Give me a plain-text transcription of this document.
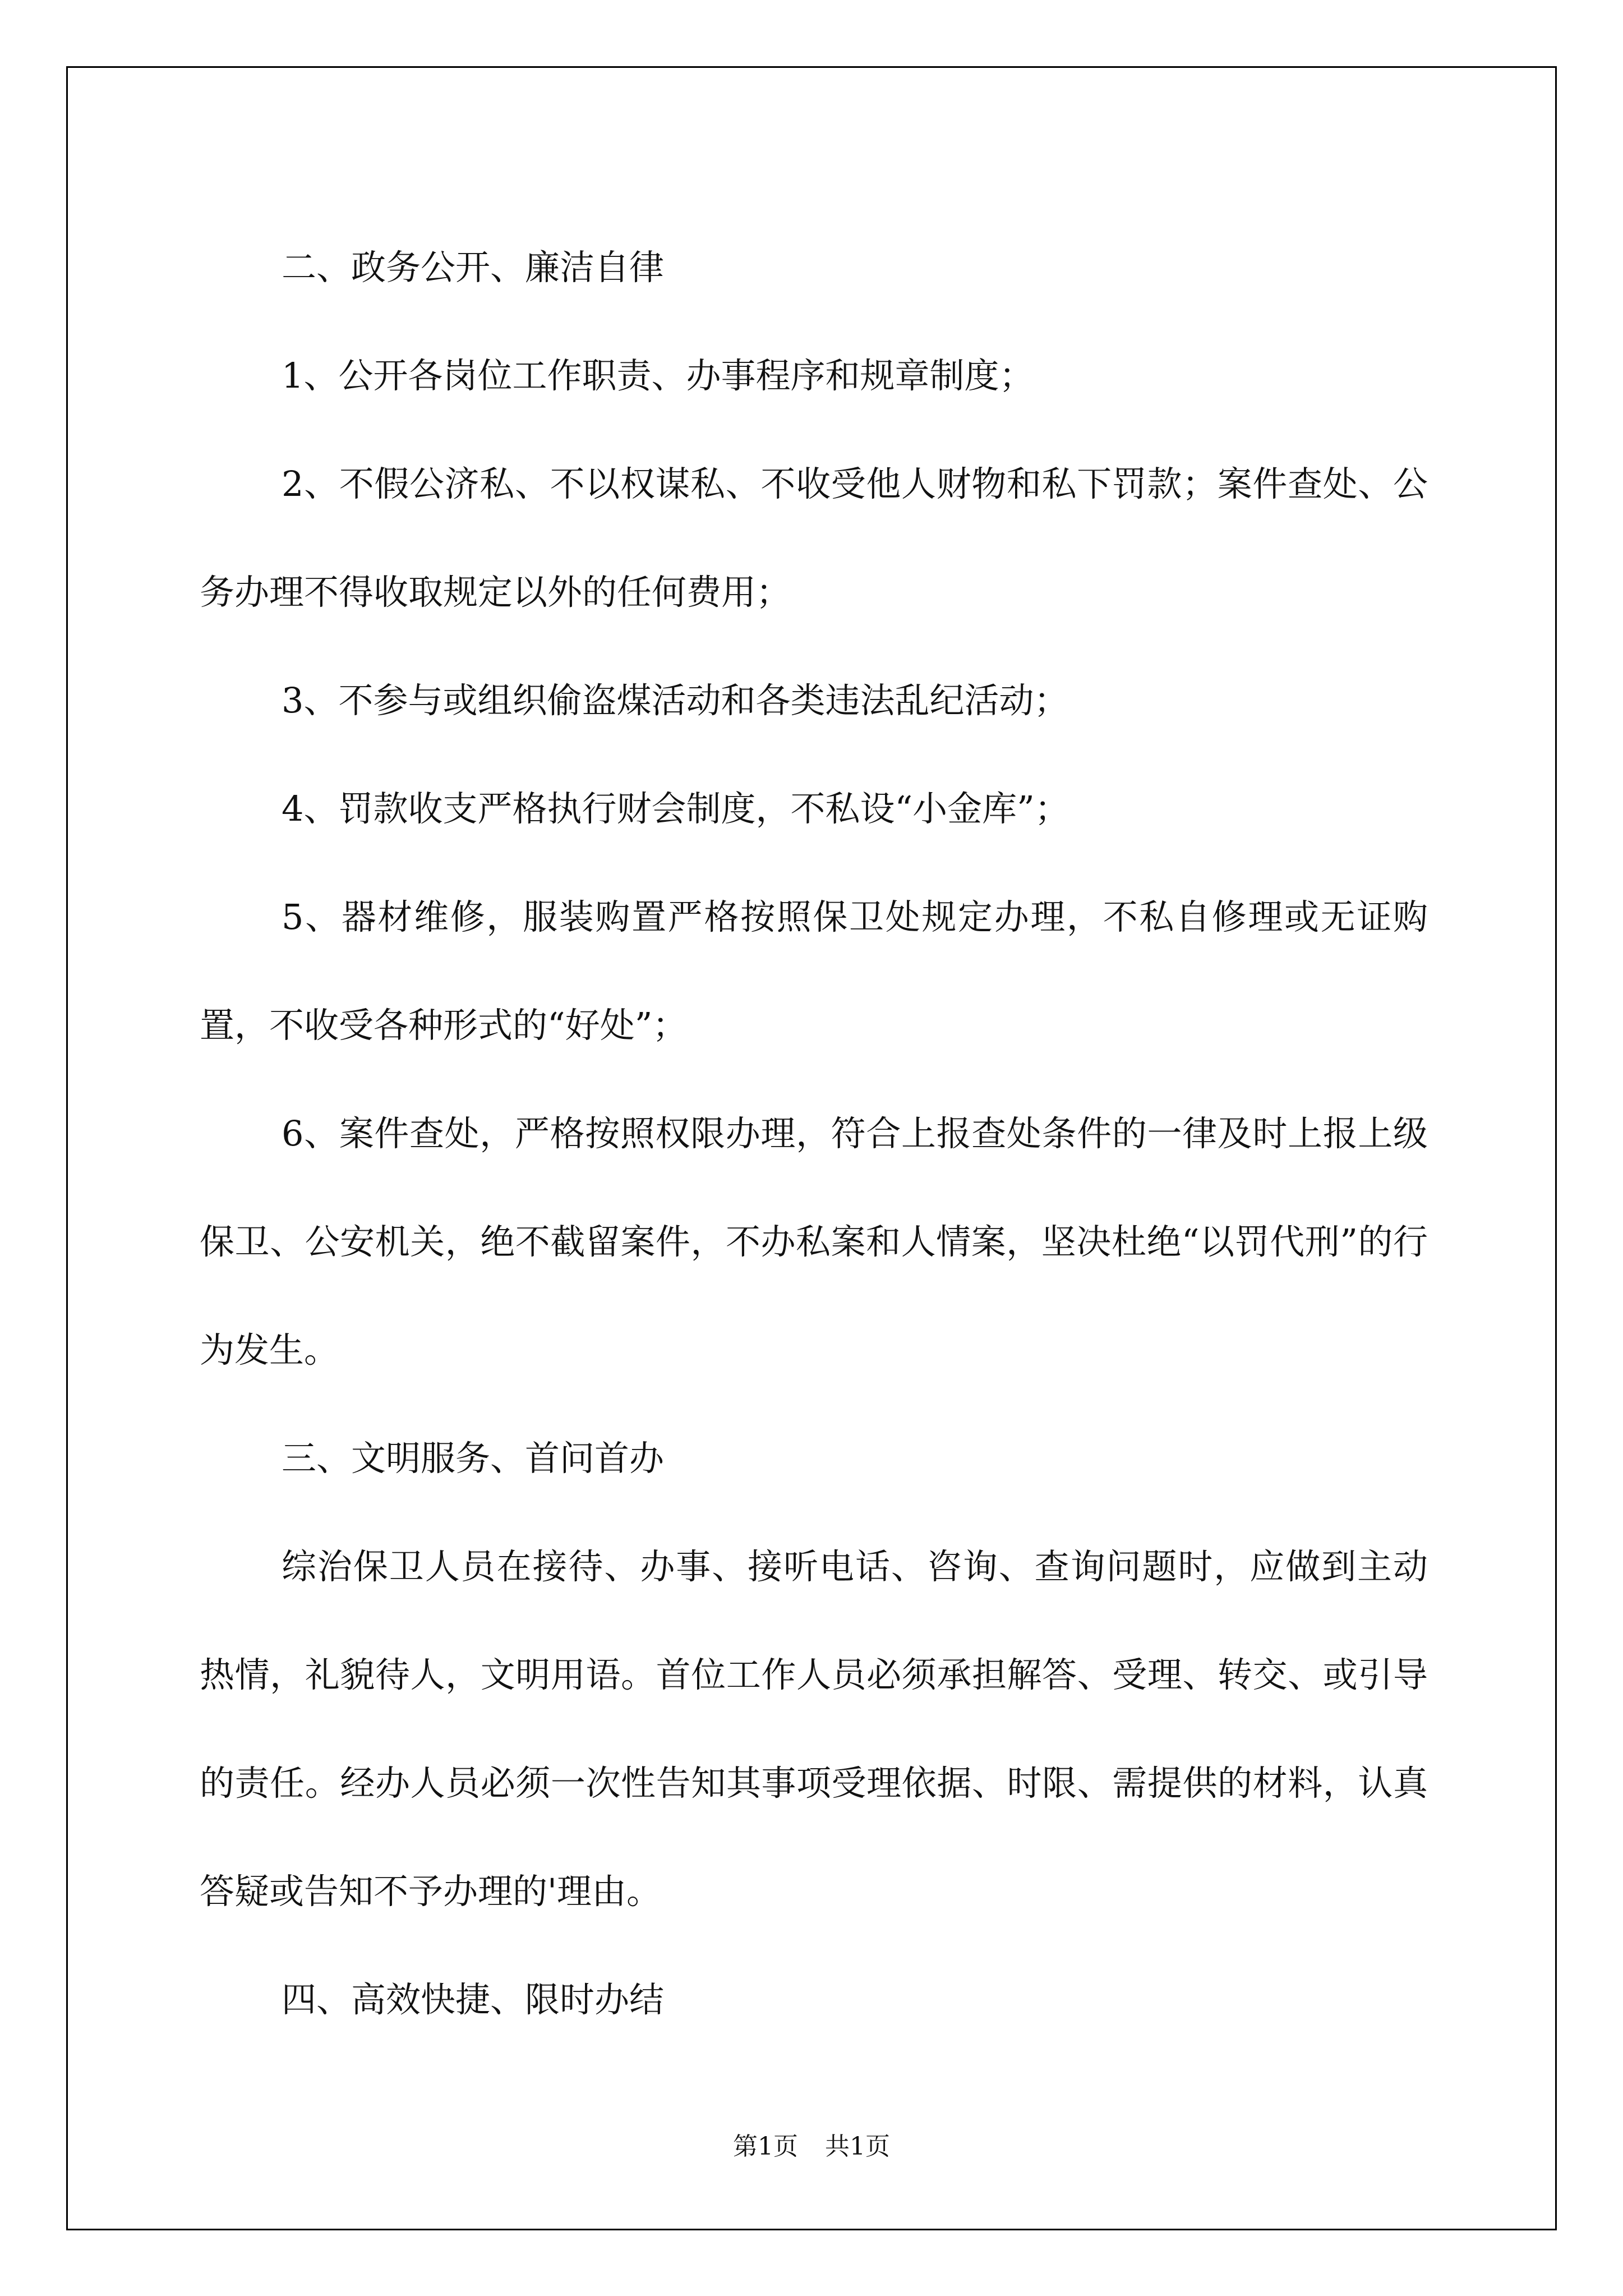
二、政务公开、廉洁自律

1、公开各岗位工作职责、办事程序和规章制度；

2、不假公济私、不以权谋私、不收受他人财物和私下罚款；案件查处、公务办理不得收取规定以外的任何费用；

3、不参与或组织偷盗煤活动和各类违法乱纪活动；

4、罚款收支严格执行财会制度，不私设“小金库”；

5、器材维修，服装购置严格按照保卫处规定办理，不私自修理或无证购置，不收受各种形式的“好处”；

6、案件查处，严格按照权限办理，符合上报查处条件的一律及时上报上级保卫、公安机关，绝不截留案件，不办私案和人情案，坚决杜绝“以罚代刑”的行为发生。

三、文明服务、首问首办

综治保卫人员在接待、办事、接听电话、咨询、查询问题时，应做到主动热情，礼貌待人，文明用语。首位工作人员必须承担解答、受理、转交、或引导的责任。经办人员必须一次性告知其事项受理依据、时限、需提供的材料，认真答疑或告知不予办理的'理由。

四、高效快捷、限时办结

第1页 共1页
